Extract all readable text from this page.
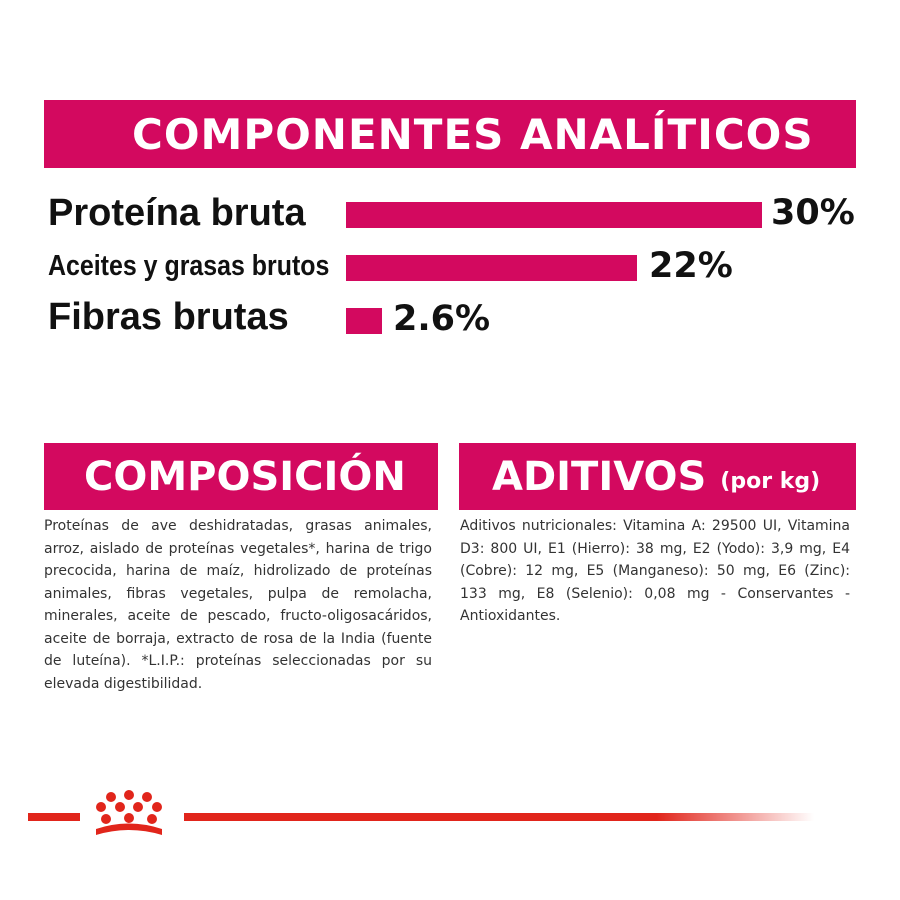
COMPONENTES ANALÍTICOS
Proteína bruta	30%
Aceites y grasas brutos	22%
Fibras brutas	2.6%
COMPOSICIÓN
Proteínas de ave deshidratadas, grasas animales, arroz, aislado de proteínas vegetales*, harina de trigo precocida, harina de maíz, hidrolizado de proteínas animales, fibras vegetales, pulpa de remolacha, minerales, aceite de pescado, fructo-oligosacáridos, aceite de borraja, extracto de rosa de la India (fuente de luteína). *L.I.P.: proteínas seleccionadas por su elevada digestibilidad.
ADITIVOS (por kg)
Aditivos nutricionales: Vitamina A: 29500 UI, Vitamina D3: 800 UI, E1 (Hierro): 38 mg, E2 (Yodo): 3,9 mg, E4 (Cobre): 12 mg, E5 (Manganeso): 50 mg, E6 (Zinc): 133 mg, E8 (Selenio): 0,08 mg - Conservantes - Antioxidantes.
